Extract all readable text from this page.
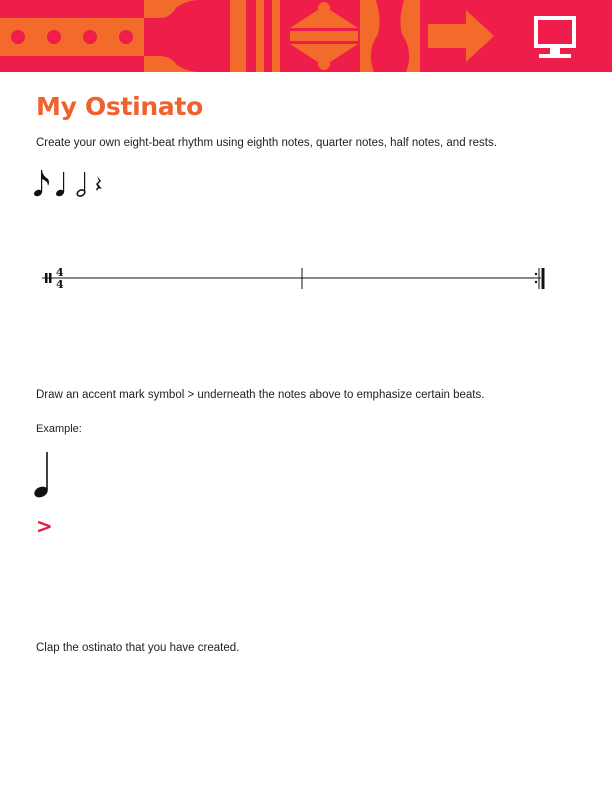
My Ostinato
Create your own eight-beat rhythm using eighth notes, quarter notes, half notes, and rests.
4
4
Draw an accent mark symbol > underneath the notes above to emphasize certain beats.
Example:
>
Clap the ostinato that you have created.
